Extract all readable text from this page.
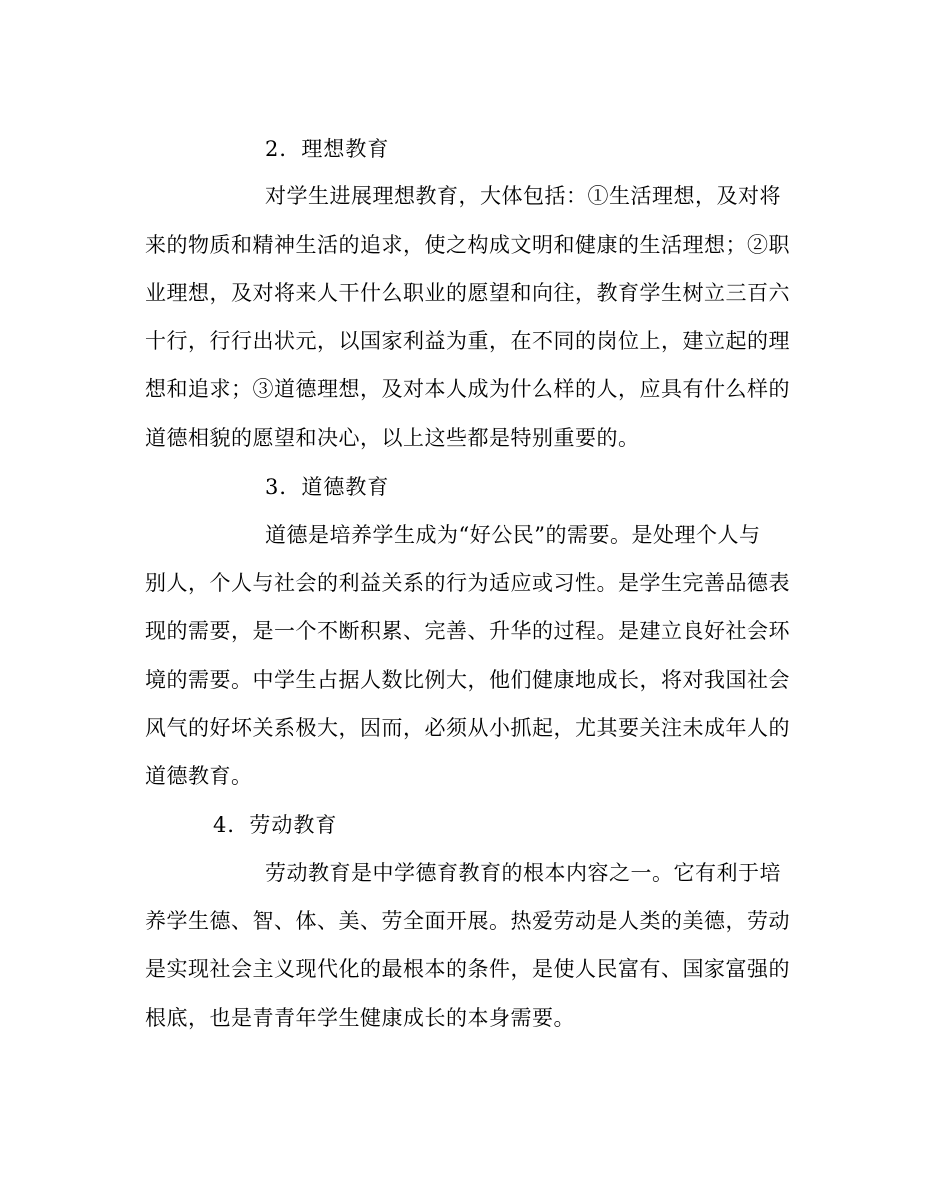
2．理想教育
对学生进展理想教育，大体包括：①生活理想，及对将
来的物质和精神生活的追求，使之构成文明和健康的生活理想；②职
业理想，及对将来人干什么职业的愿望和向往，教育学生树立三百六
十行，行行出状元，以国家利益为重，在不同的岗位上，建立起的理
想和追求；③道德理想，及对本人成为什么样的人，应具有什么样的
道德相貌的愿望和决心，以上这些都是特别重要的。
3．道德教育
道德是培养学生成为“好公民”的需要。是处理个人与
别人，个人与社会的利益关系的行为适应或习性。是学生完善品德表
现的需要，是一个不断积累、完善、升华的过程。是建立良好社会环
境的需要。中学生占据人数比例大，他们健康地成长，将对我国社会
风气的好坏关系极大，因而，必须从小抓起，尤其要关注未成年人的
道德教育。
4．劳动教育
劳动教育是中学德育教育的根本内容之一。它有利于培
养学生德、智、体、美、劳全面开展。热爱劳动是人类的美德，劳动
是实现社会主义现代化的最根本的条件，是使人民富有、国家富强的
根底，也是青青年学生健康成长的本身需要。
